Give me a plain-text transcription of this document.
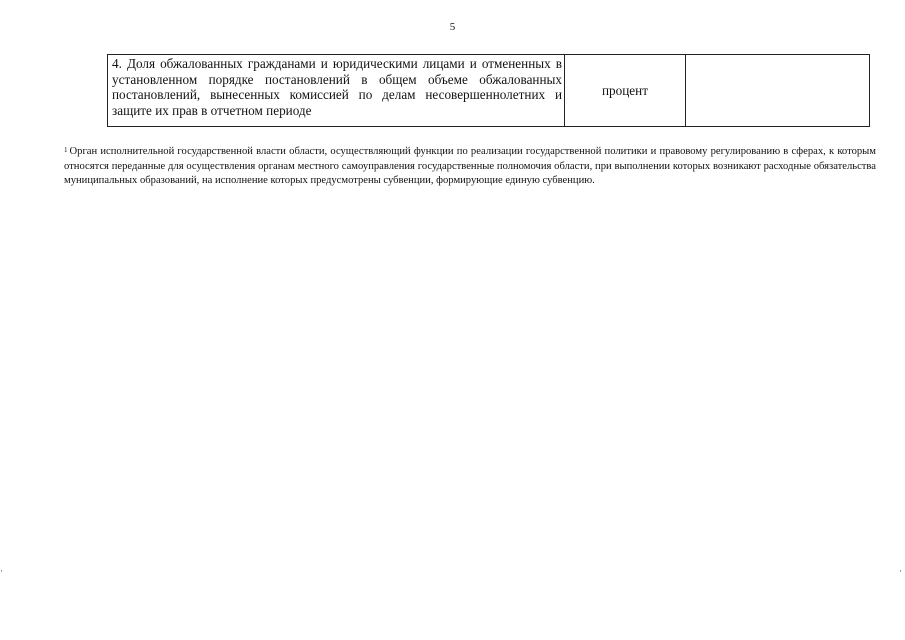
5
4. Доля обжалованных гражданами и юридическими лицами и отмененных в установленном порядке постановлений в общем объеме обжалованных постановлений, вынесенных комиссией по делам несовершеннолетних и защите их прав в отчетном периоде	процент	
$^1$ Орган исполнительной государственной власти области, осуществляющий функции по реализации государственной политики и правовому регулированию в сферах, к которым относятся переданные для осуществления органам местного самоуправления государственные полномочия области, при выполнении которых возникают расходные обязательства муниципальных образований, на исполнение которых предусмотрены субвенции, формирующие единую субвенцию.
·	·
